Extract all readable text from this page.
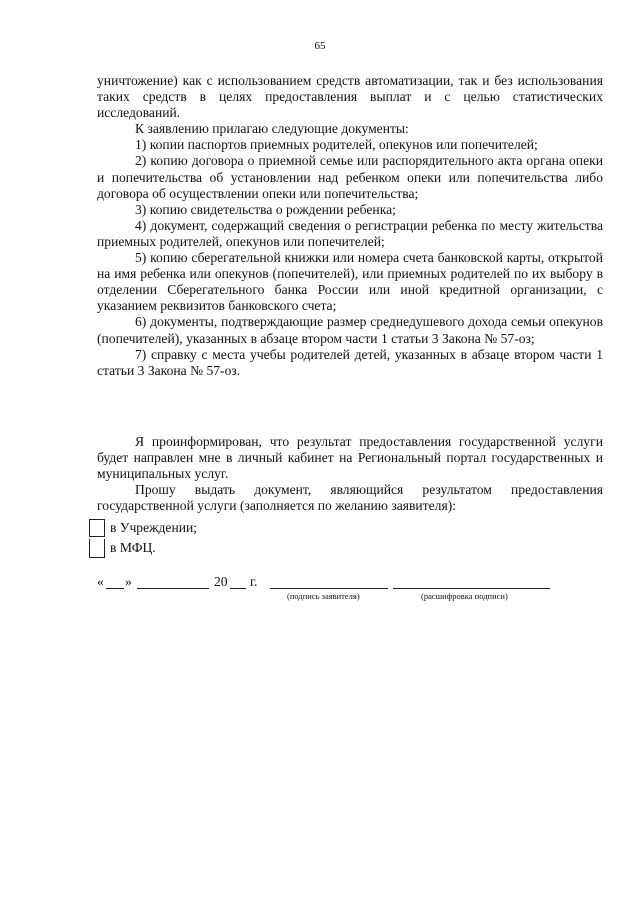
65

уничтожение) как с использованием средств автоматизации, так и без использования таких средств в целях предоставления выплат и с целью статистических исследований.

К заявлению прилагаю следующие документы:

1) копии паспортов приемных родителей, опекунов или попечителей;

2) копию договора о приемной семье или распорядительного акта органа опеки и попечительства об установлении над ребенком опеки или попечительства либо договора об осуществлении опеки или попечительства;

3) копию свидетельства о рождении ребенка;

4) документ, содержащий сведения о регистрации ребенка по месту жительства приемных родителей, опекунов или попечителей;

5) копию сберегательной книжки или номера счета банковской карты, открытой на имя ребенка или опекунов (попечителей), или приемных родителей по их выбору в отделении Сберегательного банка России или иной кредитной организации, с указанием реквизитов банковского счета;

6) документы, подтверждающие размер среднедушевого дохода семьи опекунов (попечителей), указанных в абзаце втором части 1 статьи 3 Закона № 57-оз;

7) справку с места учебы родителей детей, указанных в абзаце втором части 1 статьи 3 Закона № 57-оз.

Я проинформирован, что результат предоставления государственной услуги будет направлен мне в личный кабинет на Региональный портал государственных и муниципальных услуг.

Прошу выдать документ, являющийся результатом предоставления государственной услуги (заполняется по желанию заявителя):

в Учреждении;
в МФЦ.
« »	20 г.
(подпись заявителя)	(расшифровка подписи)
